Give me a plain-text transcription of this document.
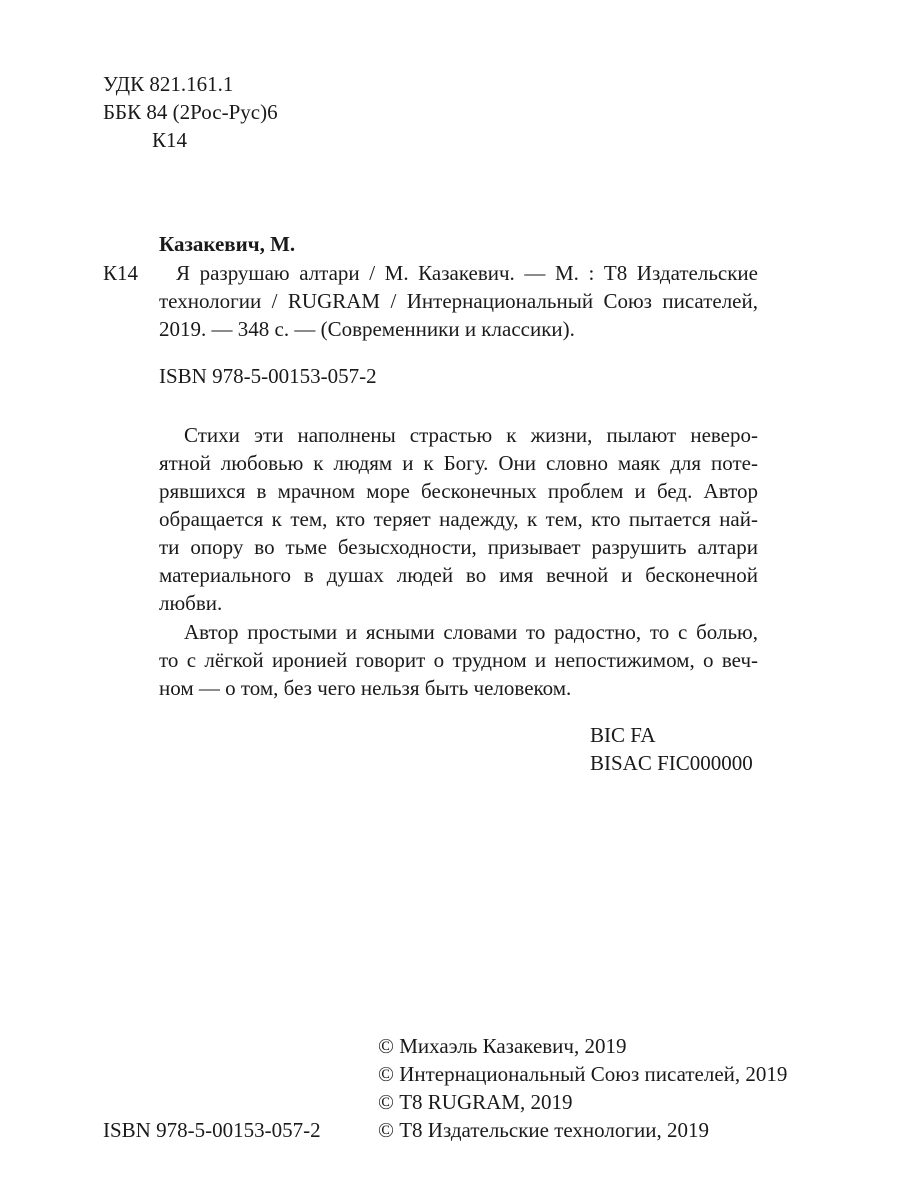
УДК 821.161.1
ББК 84 (2Рос-Рус)6
К14
Казакевич, М.
К14 Я разрушаю алтари / М. Казакевич. — М. : Т8 Издательские
технологии / RUGRAM / Интернациональный Союз писателей,
2019. — 348 с. — (Современники и классики).
ISBN 978-5-00153-057-2
Стихи эти наполнены страстью к жизни, пылают неверо-
ятной любовью к людям и к Богу. Они словно маяк для поте-
рявшихся в мрачном море бесконечных проблем и бед. Автор
обращается к тем, кто теряет надежду, к тем, кто пытается най-
ти опору во тьме безысходности, призывает разрушить алтари
материального в душах людей во имя вечной и бесконечной
любви.
Автор простыми и ясными словами то радостно, то с болью,
то с лёгкой иронией говорит о трудном и непостижимом, о веч-
ном — о том, без чего нельзя быть человеком.
BIC FA
BISAC FIC000000
© Михаэль Казакевич, 2019
© Интернациональный Союз писателей, 2019
© Т8 RUGRAM, 2019
ISBN 978-5-00153-057-2	© Т8 Издательские технологии, 2019
